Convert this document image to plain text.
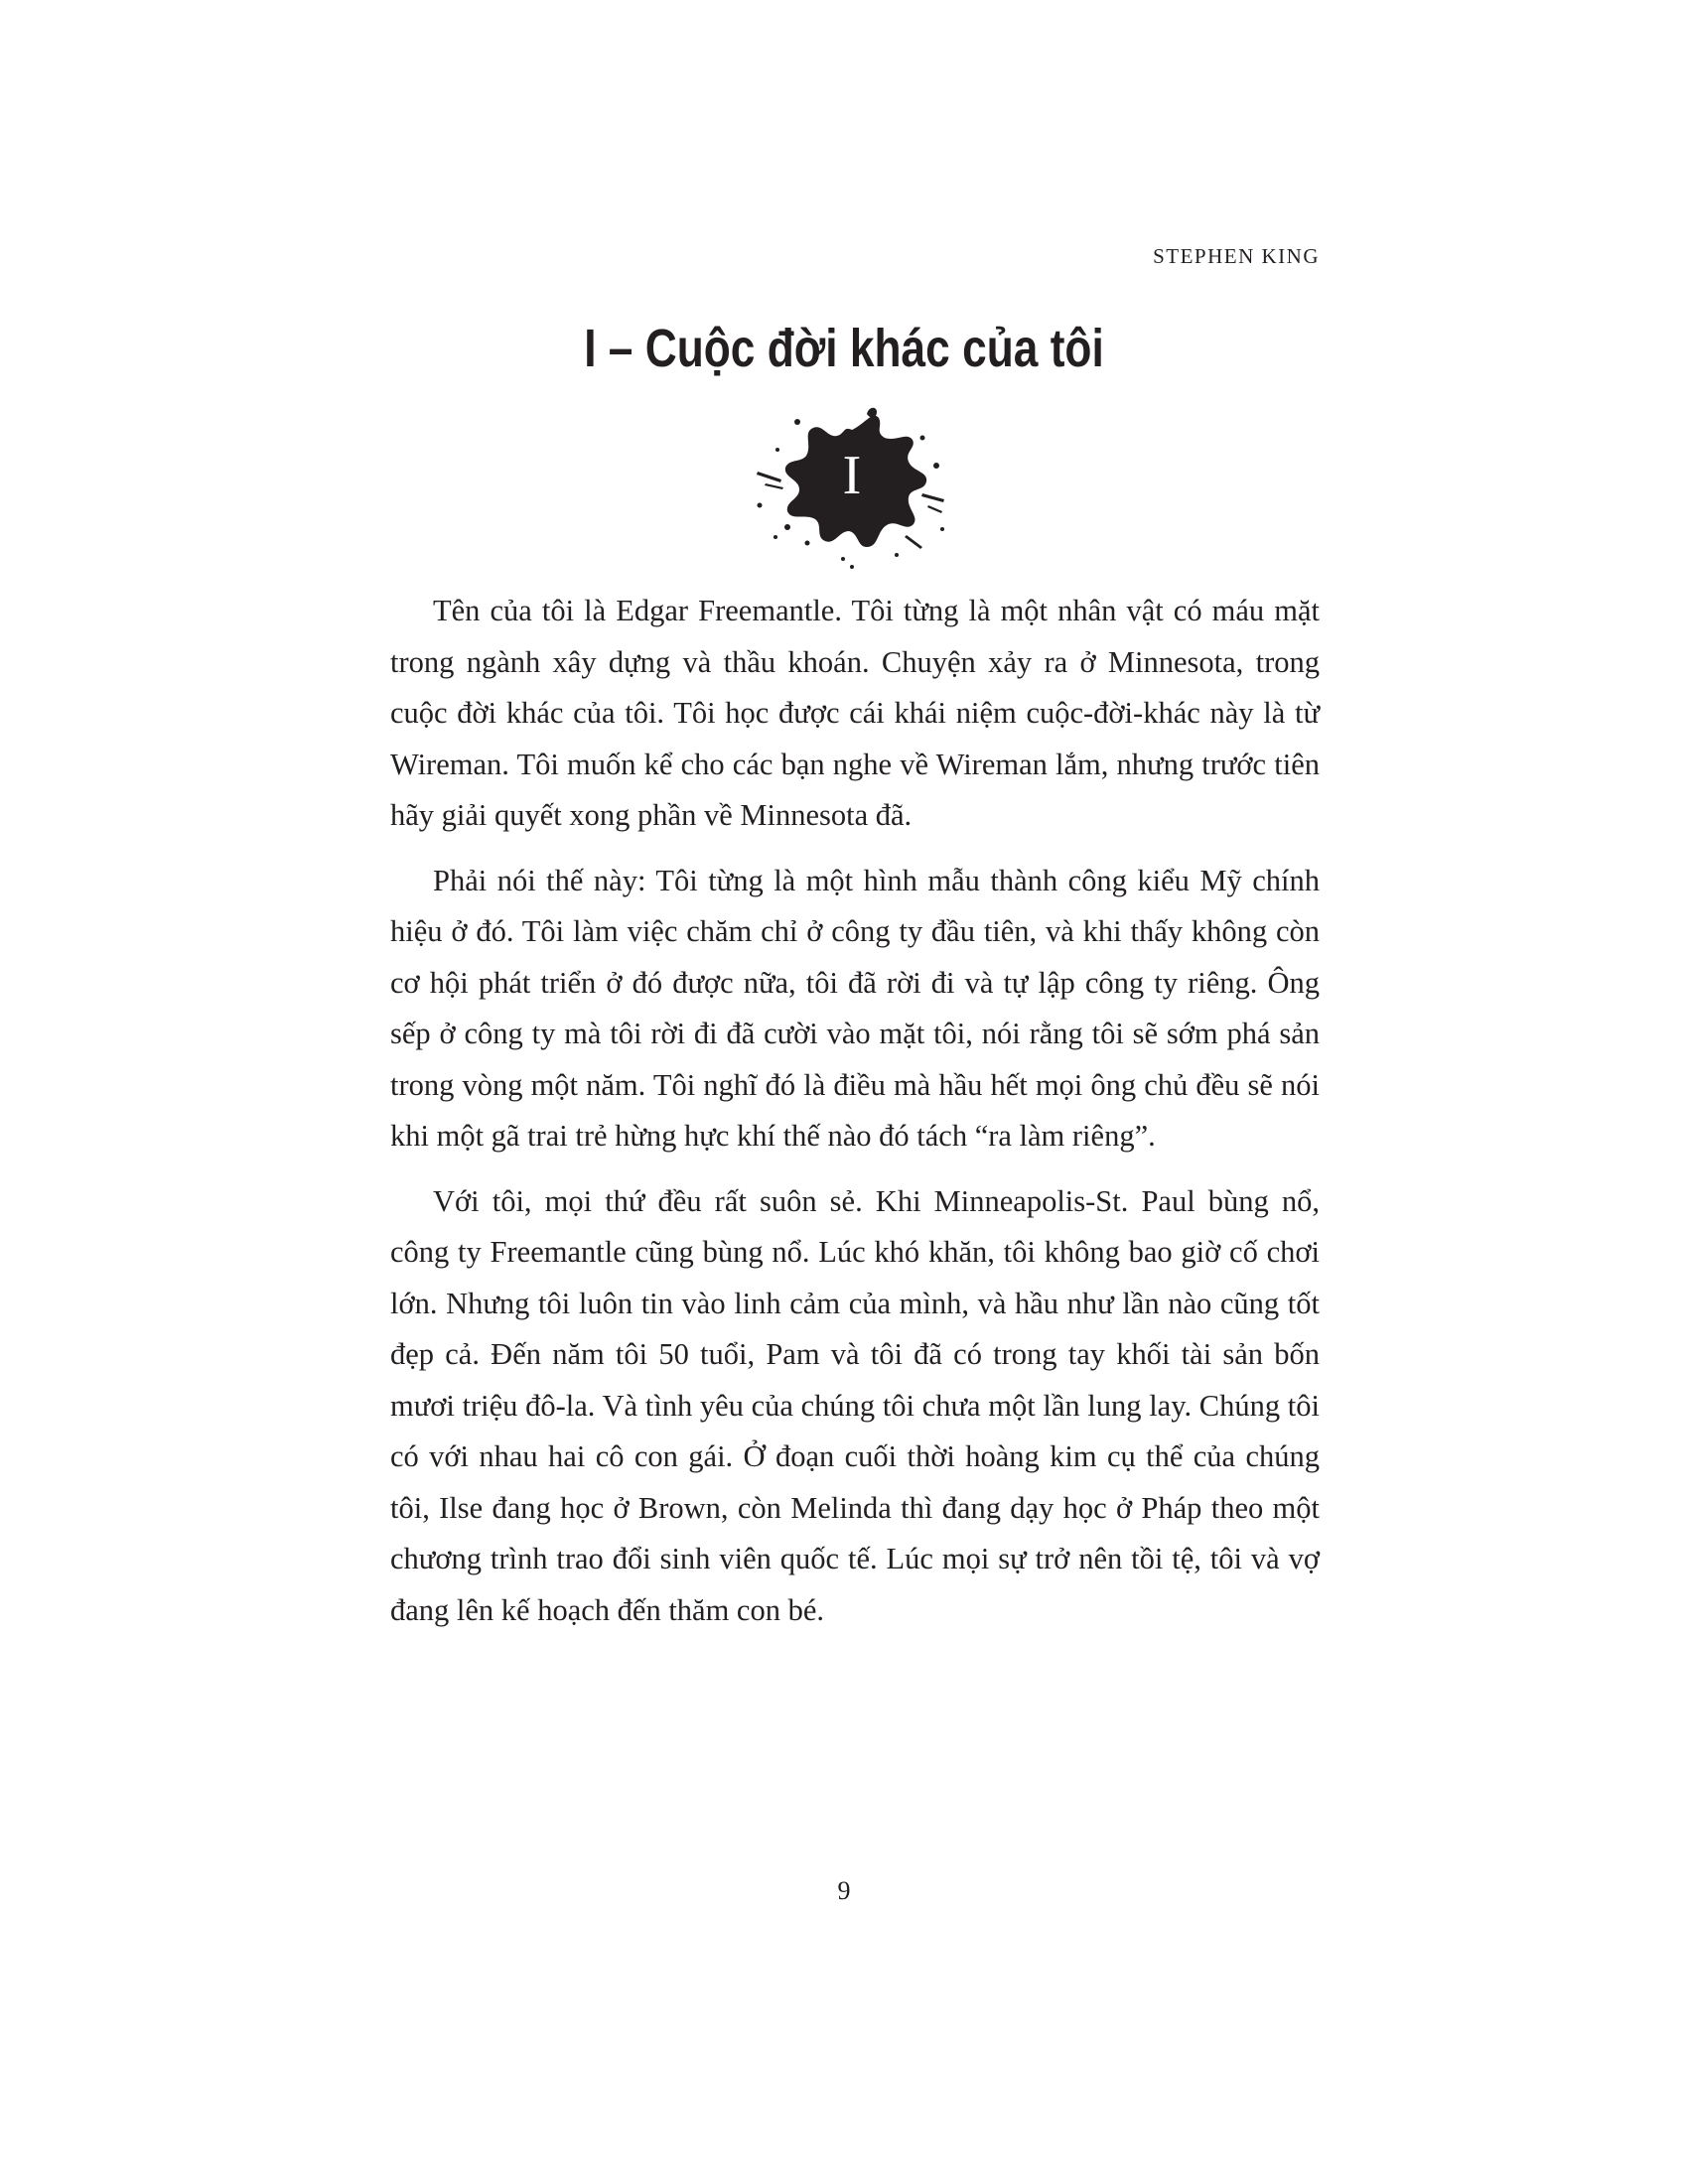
STEPHEN KING
I – Cuộc đời khác của tôi
I

Tên của tôi là Edgar Freemantle. Tôi từng là một nhân vật có máu mặt trong ngành xây dựng và thầu khoán. Chuyện xảy ra ở Minnesota, trong cuộc đời khác của tôi. Tôi học được cái khái niệm cuộc-đời-khác này là từ Wireman. Tôi muốn kể cho các bạn nghe về Wireman lắm, nhưng trước tiên hãy giải quyết xong phần về Minnesota đã.

Phải nói thế này: Tôi từng là một hình mẫu thành công kiểu Mỹ chính hiệu ở đó. Tôi làm việc chăm chỉ ở công ty đầu tiên, và khi thấy không còn cơ hội phát triển ở đó được nữa, tôi đã rời đi và tự lập công ty riêng. Ông sếp ở công ty mà tôi rời đi đã cười vào mặt tôi, nói rằng tôi sẽ sớm phá sản trong vòng một năm. Tôi nghĩ đó là điều mà hầu hết mọi ông chủ đều sẽ nói khi một gã trai trẻ hừng hực khí thế nào đó tách “ra làm riêng”.

Với tôi, mọi thứ đều rất suôn sẻ. Khi Minneapolis-St. Paul bùng nổ, công ty Freemantle cũng bùng nổ. Lúc khó khăn, tôi không bao giờ cố chơi lớn. Nhưng tôi luôn tin vào linh cảm của mình, và hầu như lần nào cũng tốt đẹp cả. Đến năm tôi 50 tuổi, Pam và tôi đã có trong tay khối tài sản bốn mươi triệu đô-la. Và tình yêu của chúng tôi chưa một lần lung lay. Chúng tôi có với nhau hai cô con gái. Ở đoạn cuối thời hoàng kim cụ thể của chúng tôi, Ilse đang học ở Brown, còn Melinda thì đang dạy học ở Pháp theo một chương trình trao đổi sinh viên quốc tế. Lúc mọi sự trở nên tồi tệ, tôi và vợ đang lên kế hoạch đến thăm con bé.

9
